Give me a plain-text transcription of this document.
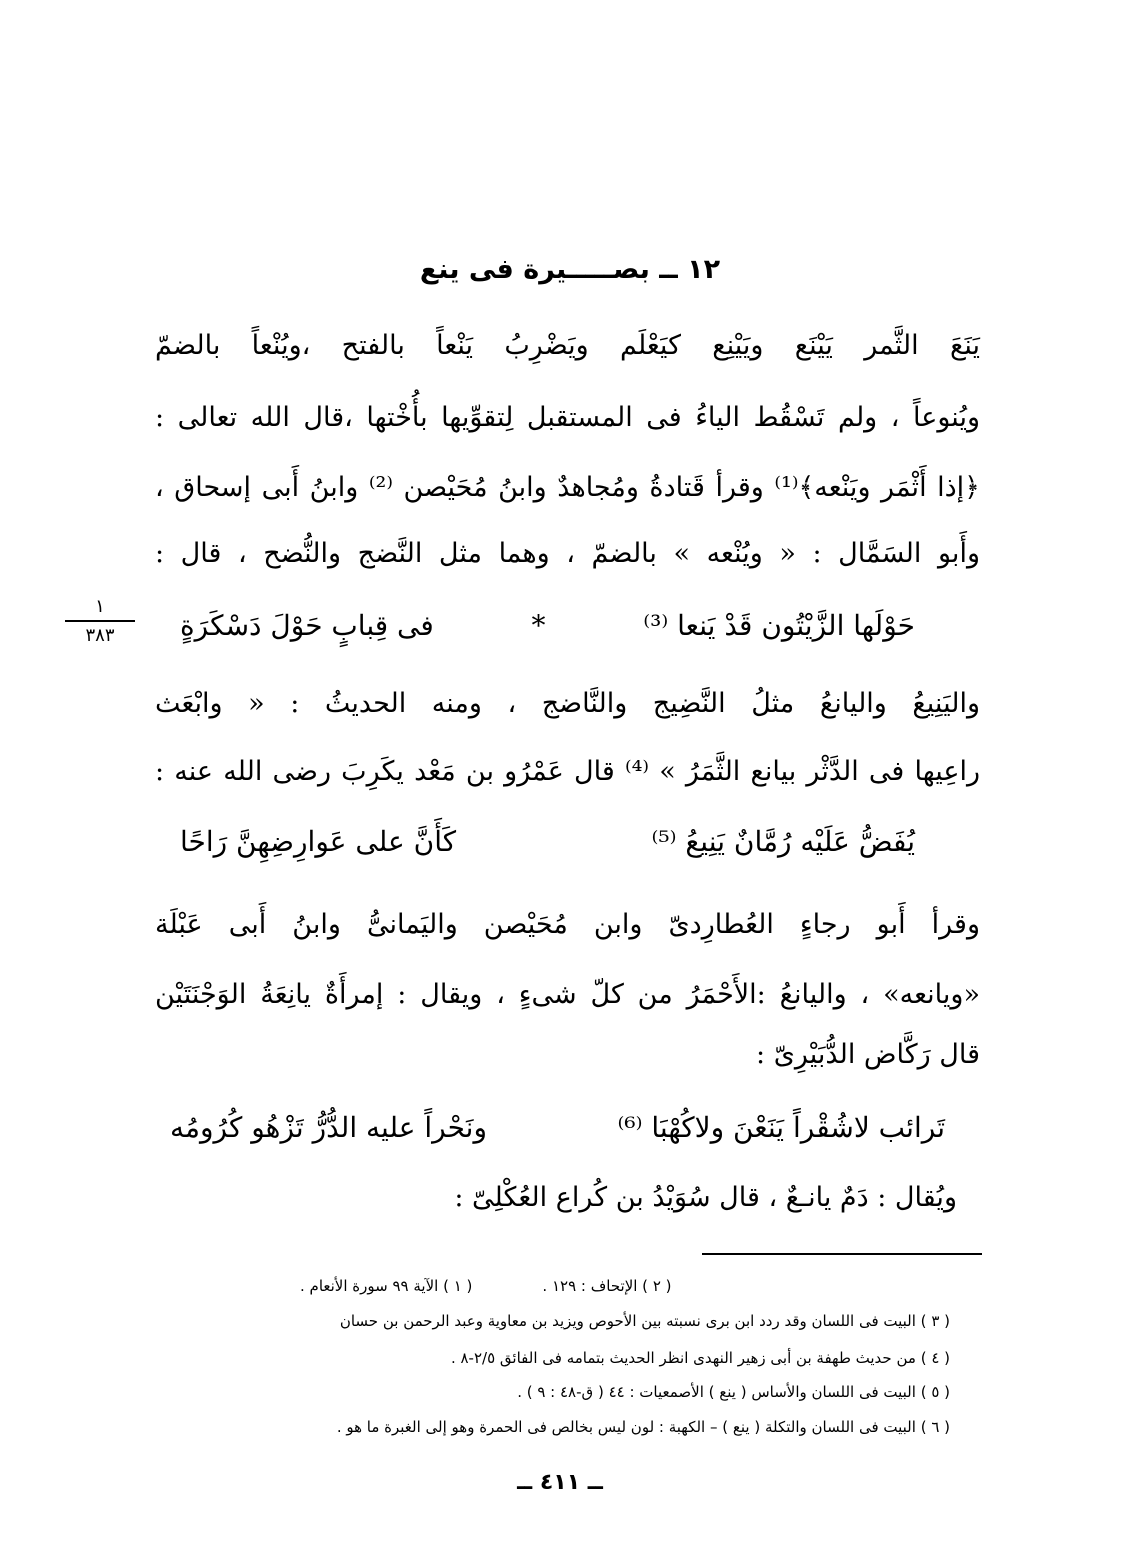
١٢ ــ بصـــــيرة فى ينع
يَنَعَ الثَّمر يَيْنَع ويَيْنِع كيَعْلَم ويَضْرِبُ يَنْعاً بالفتح ،ويُنْعاً بالضمّ
ويُنوعاً ، ولم تَسْقُط الياءُ فى المستقبل لِتقوِّيها بأُخْتها ،قال الله تعالى :
﴿إذا أَثْمَر ويَنْعه﴾⁽¹⁾ وقرأ قَتادةُ ومُجاهدٌ وابنُ مُحَيْصن ⁽²⁾ وابنُ أَبى إسحاق ،
وأَبو السَمَّال : « ويُنْعه » بالضمّ ، وهما مثل النَّضج والنُّضح ، قال :
فى قِبابٍ حَوْلَ دَسْكَرَةٍ	*	حَوْلَها الزَّيْتُون قَدْ يَنعا ⁽³⁾
١
٣٨٣
واليَنِيعُ واليانعُ مثلُ النَّضِيج والنَّاضج ، ومنه الحديثُ : « وابْعَث
راعِيها فى الدَّثْر بيانع الثَّمَرُ » ⁽⁴⁾ قال عَمْرُو بن مَعْد يكَرِبَ رضى الله عنه :
كَأَنَّ على عَوارِضِهِنَّ رَاحًا	يُفَضُّ عَلَيْه رُمَّانٌ يَنِيعُ ⁽⁵⁾
وقرأ أَبو رجاءٍ العُطارِدىّ وابن مُحَيْصن واليَمانىُّ وابنُ أَبى عَبْلَة
«ويانعه» ، واليانعُ :الأَحْمَرُ من كلّ شىءٍ ، ويقال : إمرأَةٌ يانِعَةُ الوَجْنَتَيْن
قال رَكَّاض الدُّبَيْرِىّ :
ونَحْراً عليه الدُّرُّ تَزْهُو كُرُومُه	تَرائب لاشُقْراً يَنَعْنَ ولاكُهْبَا ⁽⁶⁾
ويُقال : دَمٌ يانـعٌ ، قال سُوَيْدُ بن كُراع العُكْلِىّ :
( ١ ) الآية ٩٩ سورة الأنعام .	( ٢ ) الإتحاف : ١٢٩ .
( ٣ ) البيت فى اللسان وقد ردد ابن برى نسبته بين الأحوص ويزيد بن معاوية وعبد الرحمن بن حسان
( ٤ ) من حديث طهفة بن أبى زهير النهدى انظر الحديث بتمامه فى الفائق ٢/٥-٨ .
( ٥ ) البيت فى اللسان والأساس ( ينع ) الأصمعيات : ٤٤ ( ق-٤٨ : ٩ ) .
( ٦ ) البيت فى اللسان والتكلة ( ينع ) – الكهبة : لون ليس بخالص فى الحمرة وهو إلى الغبرة ما هو .
ــ ٤١١ ــ
